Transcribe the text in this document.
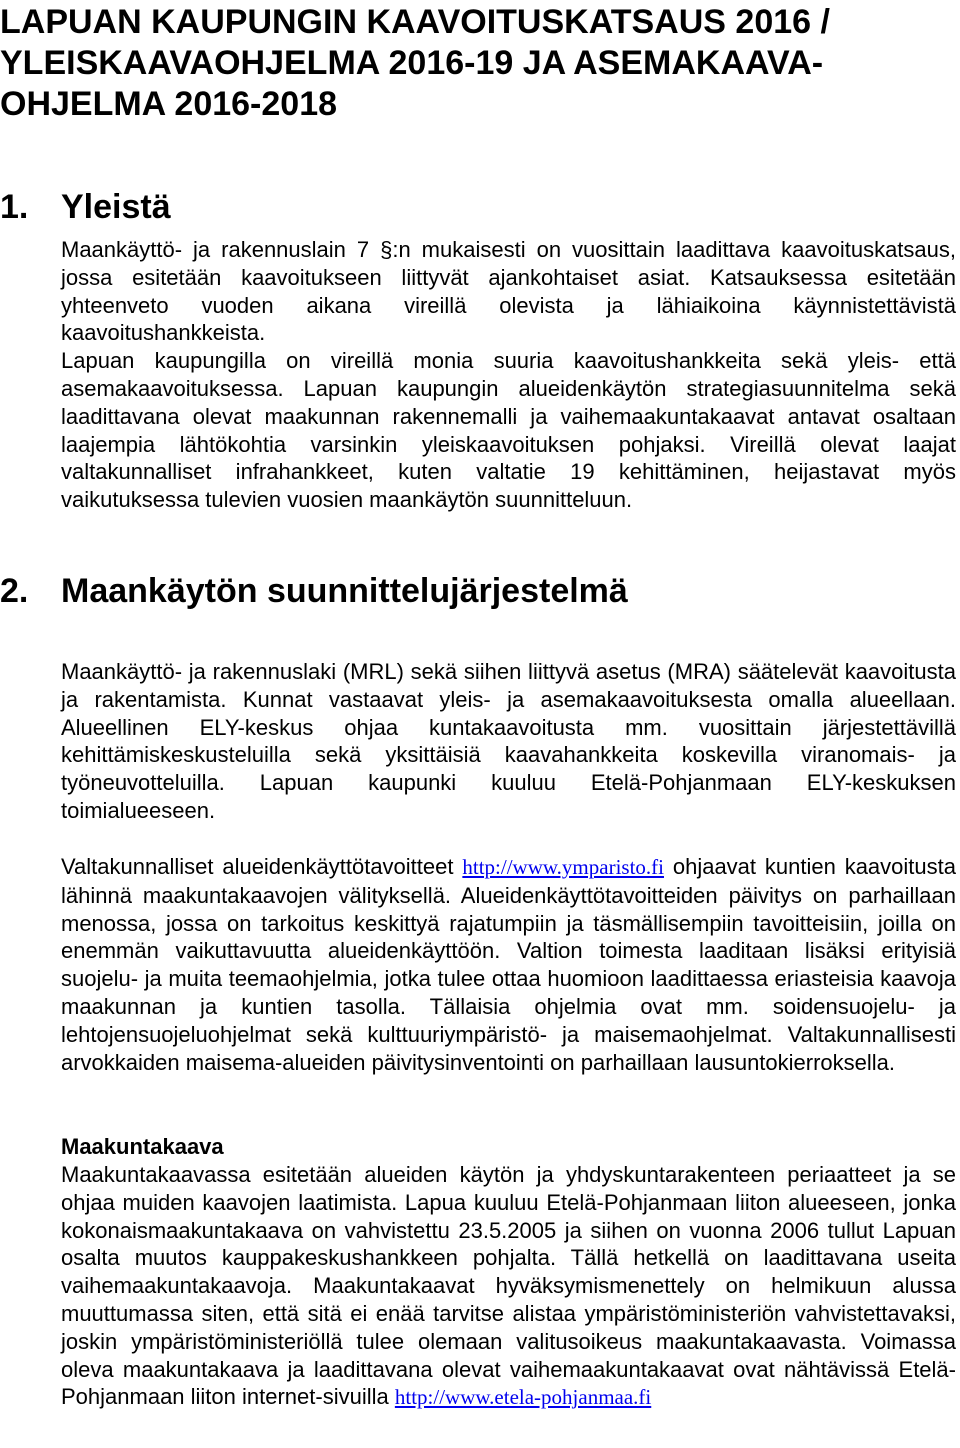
LAPUAN KAUPUNGIN KAAVOITUSKATSAUS 2016 /
YLEISKAAVAOHJELMA 2016-19 JA ASEMAKAAVA-
OHJELMA 2016-2018
1. Yleistä

Maankäyttö- ja rakennuslain 7 §:n mukaisesti on vuosittain laadittava kaavoituskatsaus, jossa esitetään kaavoitukseen liittyvät ajankohtaiset asiat. Katsauksessa esitetään yhteenveto vuoden aikana vireillä olevista ja lähiaikoina käynnistettävistä kaavoitushankkeista.

Lapuan kaupungilla on vireillä monia suuria kaavoitushankkeita sekä yleis- että asemakaavoituksessa. Lapuan kaupungin alueidenkäytön strategiasuunnitelma sekä laadittavana olevat maakunnan rakennemalli ja vaihemaakuntakaavat antavat osaltaan laajempia lähtökohtia varsinkin yleiskaavoituksen pohjaksi. Vireillä olevat laajat valtakunnalliset infrahankkeet, kuten valtatie 19 kehittäminen, heijastavat myös vaikutuksessa tulevien vuosien maankäytön suunnitteluun.

2. Maankäytön suunnittelujärjestelmä

Maankäyttö- ja rakennuslaki (MRL) sekä siihen liittyvä asetus (MRA) säätelevät kaavoitusta ja rakentamista. Kunnat vastaavat yleis- ja asemakaavoituksesta omalla alueellaan. Alueellinen ELY-keskus ohjaa kuntakaavoitusta mm. vuosittain järjestettävillä kehittämiskeskusteluilla sekä yksittäisiä kaavahankkeita koskevilla viranomais- ja työneuvotteluilla. Lapuan kaupunki kuuluu Etelä-Pohjanmaan ELY-keskuksen toimialueeseen.

Valtakunnalliset alueidenkäyttötavoitteet http://www.ymparisto.fi ohjaavat kuntien kaavoitusta lähinnä maakuntakaavojen välityksellä. Alueidenkäyttötavoitteiden päivitys on parhaillaan menossa, jossa on tarkoitus keskittyä rajatumpiin ja täsmällisempiin tavoitteisiin, joilla on enemmän vaikuttavuutta alueidenkäyttöön. Valtion toimesta laaditaan lisäksi erityisiä suojelu- ja muita teemaohjelmia, jotka tulee ottaa huomioon laadittaessa eriasteisia kaavoja maakunnan ja kuntien tasolla. Tällaisia ohjelmia ovat mm. soidensuojelu- ja lehtojensuojeluohjelmat sekä kulttuuriympäristö- ja maisemaohjelmat. Valtakunnallisesti arvokkaiden maisema-alueiden päivitysinventointi on parhaillaan lausuntokierroksella.

Maakuntakaava

Maakuntakaavassa esitetään alueiden käytön ja yhdyskuntarakenteen periaatteet ja se ohjaa muiden kaavojen laatimista. Lapua kuuluu Etelä-Pohjanmaan liiton alueeseen, jonka kokonaismaakuntakaava on vahvistettu 23.5.2005 ja siihen on vuonna 2006 tullut Lapuan osalta muutos kauppakeskushankkeen pohjalta. Tällä hetkellä on laadittavana useita vaihemaakuntakaavoja. Maakuntakaavat hyväksymismenettely on helmikuun alussa muuttumassa siten, että sitä ei enää tarvitse alistaa ympäristöministeriön vahvistettavaksi, joskin ympäristöministeriöllä tulee olemaan valitusoikeus maakuntakaavasta. Voimassa oleva maakuntakaava ja laadittavana olevat vaihemaakuntakaavat ovat nähtävissä Etelä-Pohjanmaan liiton internet-sivuilla http://www.etela-pohjanmaa.fi
